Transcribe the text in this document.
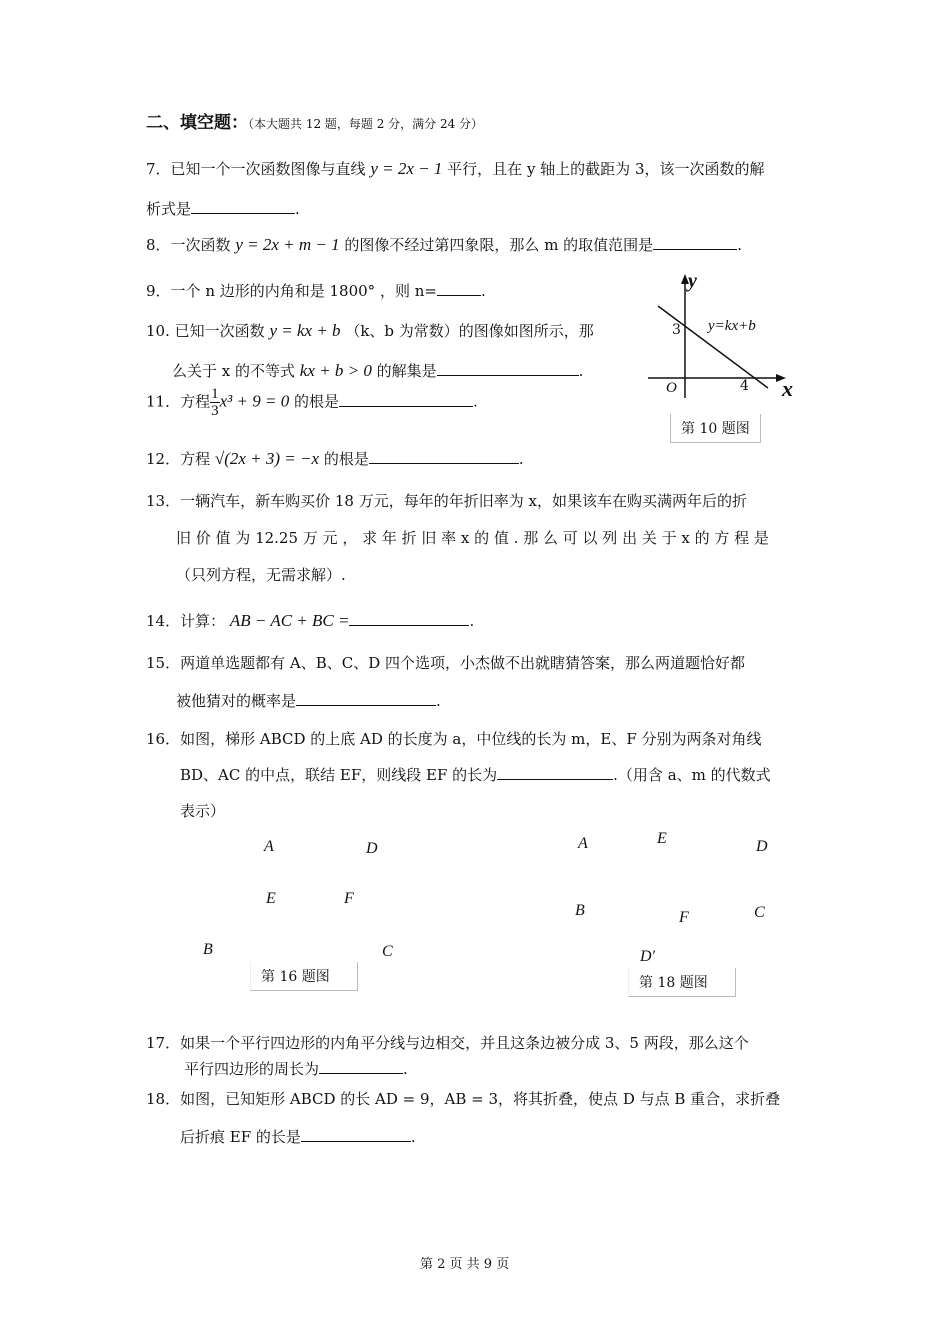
二、填空题：（本大题共 12 题，每题 2 分，满分 24 分）
7．已知一个一次函数图像与直线 y = 2x − 1 平行，且在 y 轴上的截距为 3，该一次函数的解
析式是	.
8．一次函数 y = 2x + m − 1 的图像不经过第四象限，那么 m 的取值范围是	.
9．一个 n 边形的内角和是 1800° ，则 n=	.
10. 已知一次函数 y = kx + b （k、b 为常数）的图像如图所示，那
么关于 x 的不等式 kx + b > 0 的解集是	.
y
3 y=kx+b
O	4 x
第 10 题图
11．方程 $\frac{1}{3} x^3 + 9 = 0$ 的根是	.
12．方程 √(2x + 3) = −x 的根是	.
13．一辆汽车，新车购买价 18 万元，每年的年折旧率为 x，如果该车在购买满两年后的折
旧 价 值 为 12.25 万 元 ， 求 年 折 旧 率 x 的 值 . 那 么 可 以 列 出 关 于 x 的 方 程 是
（只列方程，无需求解）.
14．计算： AB − AC + BC =	.
15．两道单选题都有 A、B、C、D 四个选项，小杰做不出就瞎猜答案，那么两道题恰好都
被他猜对的概率是	.
16．如图，梯形 ABCD 的上底 AD 的长度为 a，中位线的长为 m，E、F 分别为两条对角线
BD、AC 的中点，联结 EF，则线段 EF 的长为	.（用含 a、m 的代数式
表示）
A	D
E	F
B	C
第 16 题图
A	E	D
B	F	C
D′
第 18 题图
17．如果一个平行四边形的内角平分线与边相交，并且这条边被分成 3、5 两段，那么这个
平行四边形的周长为	.
18．如图，已知矩形 ABCD 的长 AD = 9，AB = 3，将其折叠，使点 D 与点 B 重合，求折叠
后折痕 EF 的长是	.
第 2 页 共 9 页
